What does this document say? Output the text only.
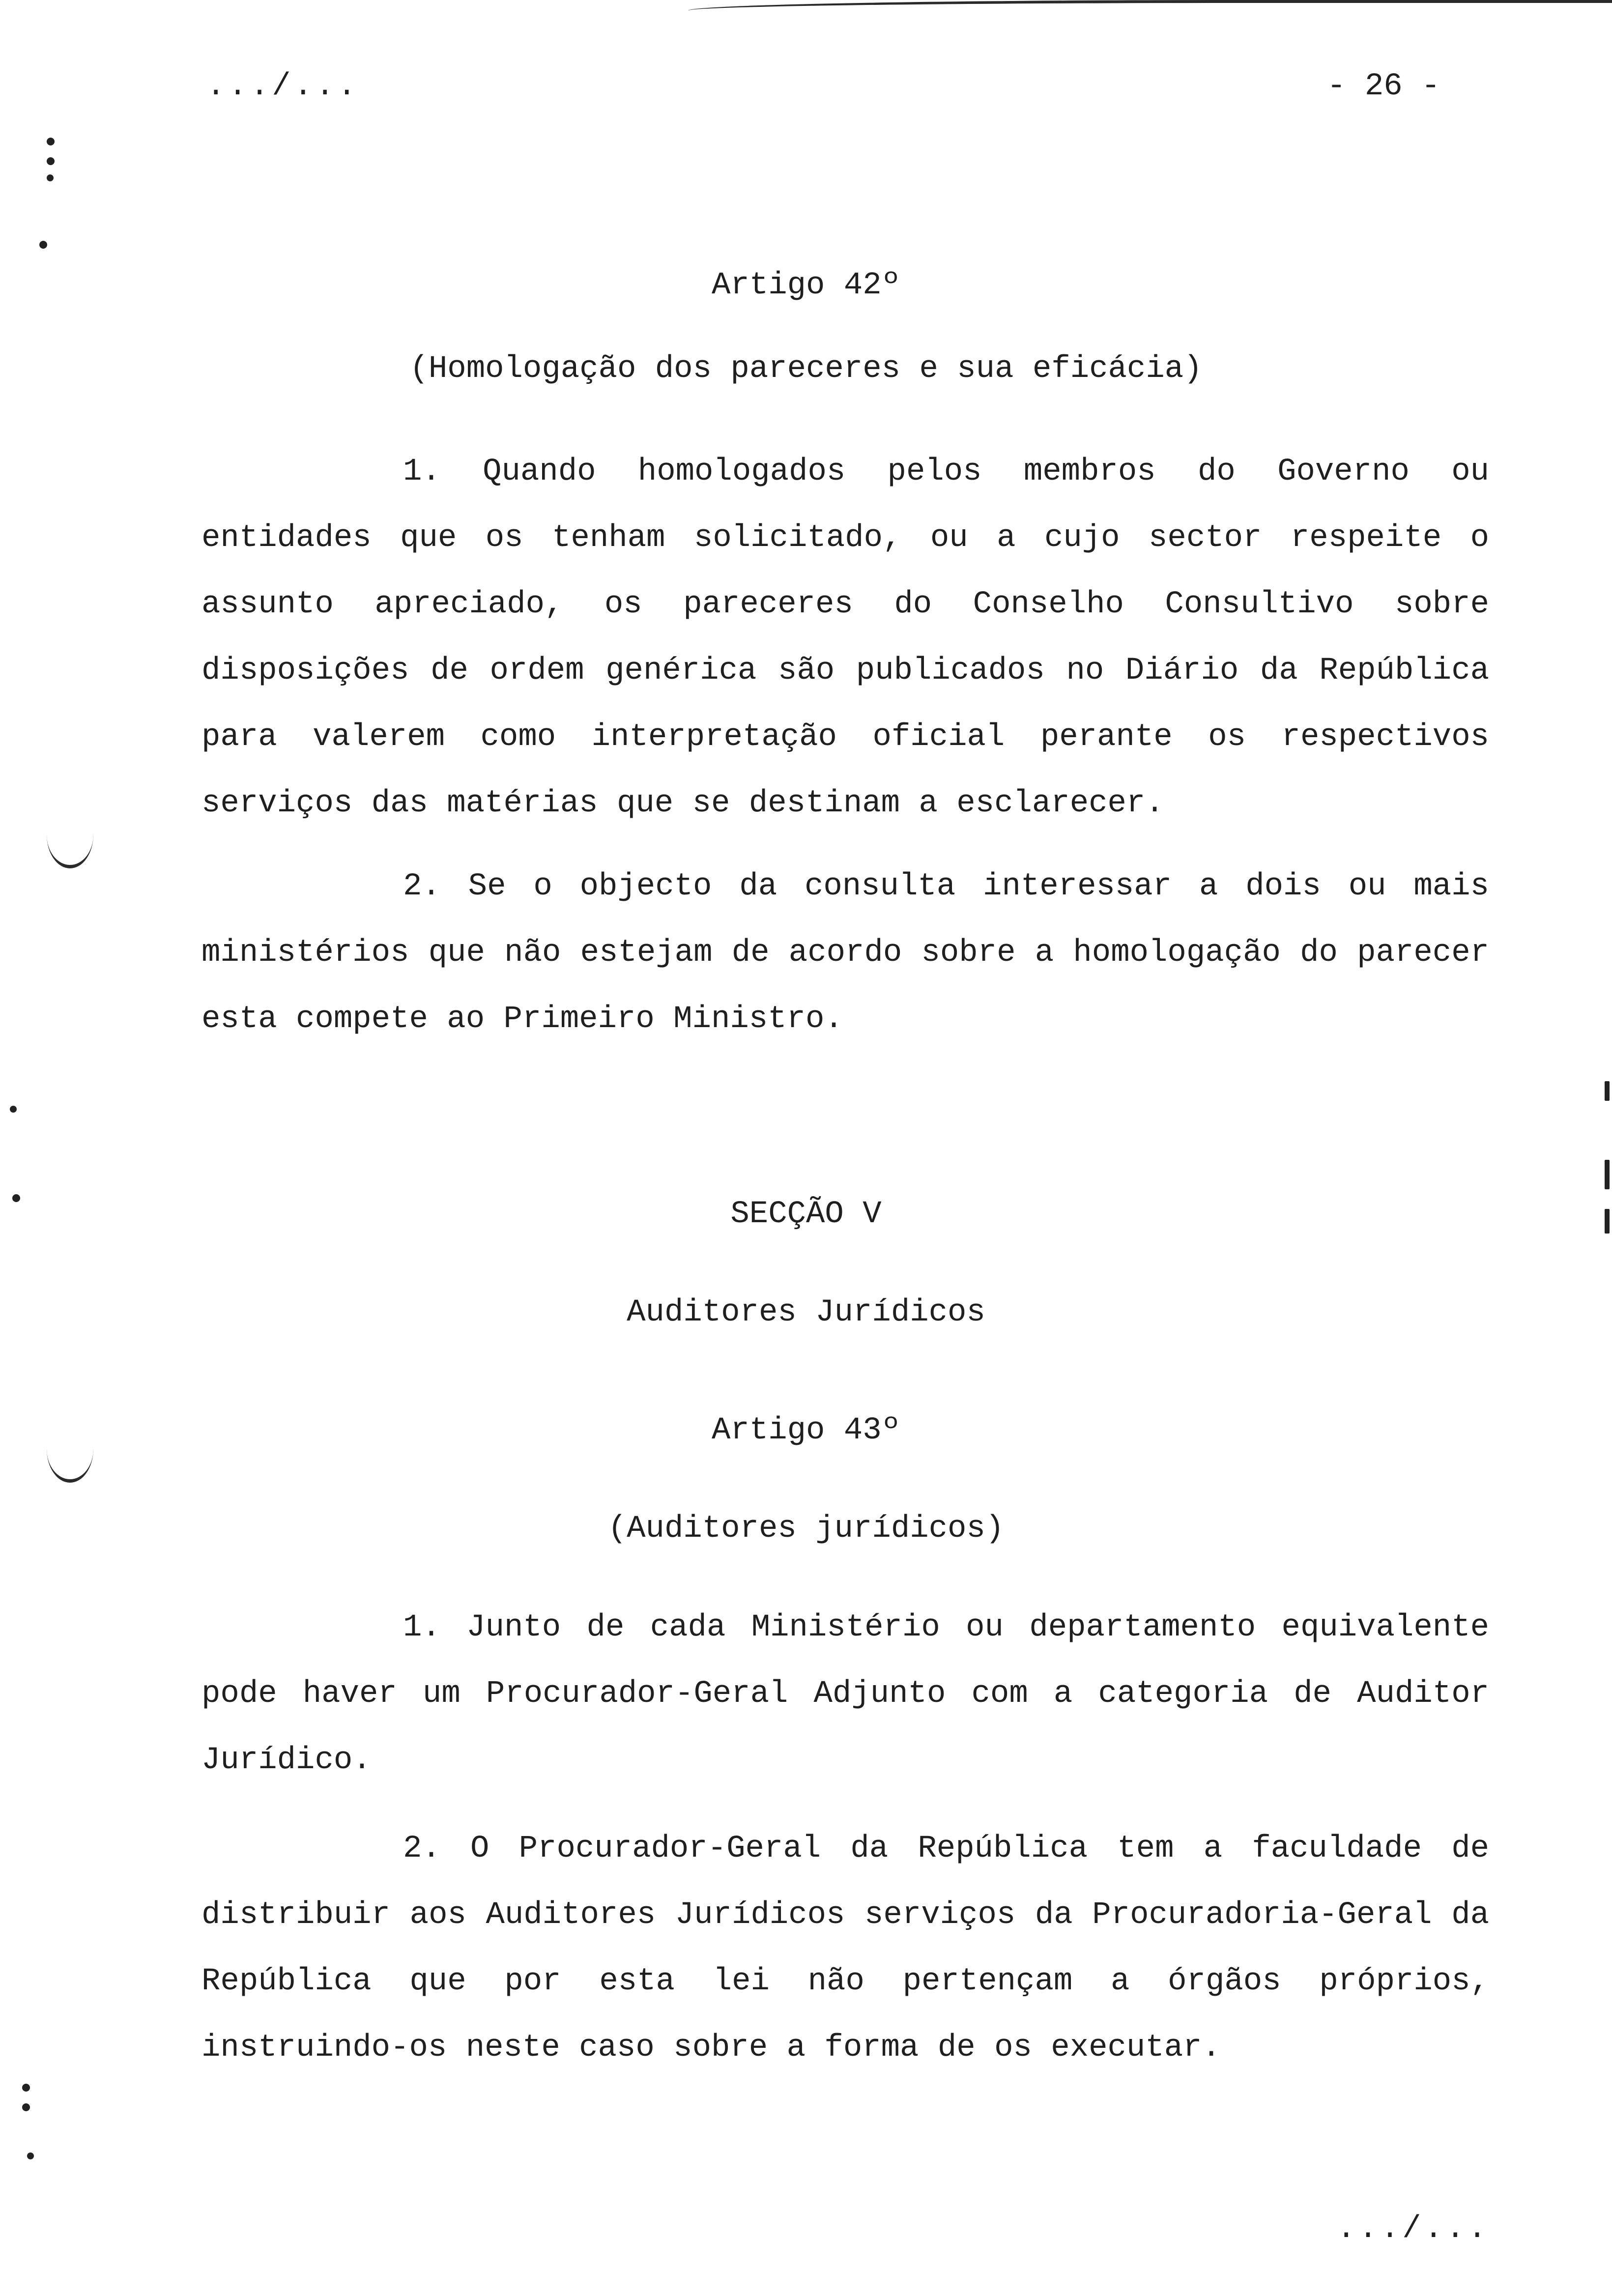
.../...	- 26 -
Artigo 42º
(Homologação dos pareceres e sua eficácia)
1. Quando homologados pelos membros do Governo ou entidades que os tenham solicitado, ou a cujo sector respeite o assunto apreciado, os pareceres do Conselho Consultivo sobre disposições de ordem genérica são publicados no Diário da República para valerem como interpretação oficial perante os respectivos serviços das matérias que se destinam a esclarecer.
2. Se o objecto da consulta interessar a dois ou mais ministérios que não estejam de acordo sobre a homologação do parecer esta compete ao Primeiro Ministro.
SECÇÃO V
Auditores Jurídicos
Artigo 43º
(Auditores jurídicos)
1. Junto de cada Ministério ou departamento equivalente pode haver um Procurador-Geral Adjunto com a categoria de Auditor Jurídico.
2. O Procurador-Geral da República tem a faculdade de distribuir aos Auditores Jurídicos serviços da Procuradoria-Geral da República que por esta lei não pertençam a órgãos próprios, instruindo-os neste caso sobre a forma de os executar.
.../...
